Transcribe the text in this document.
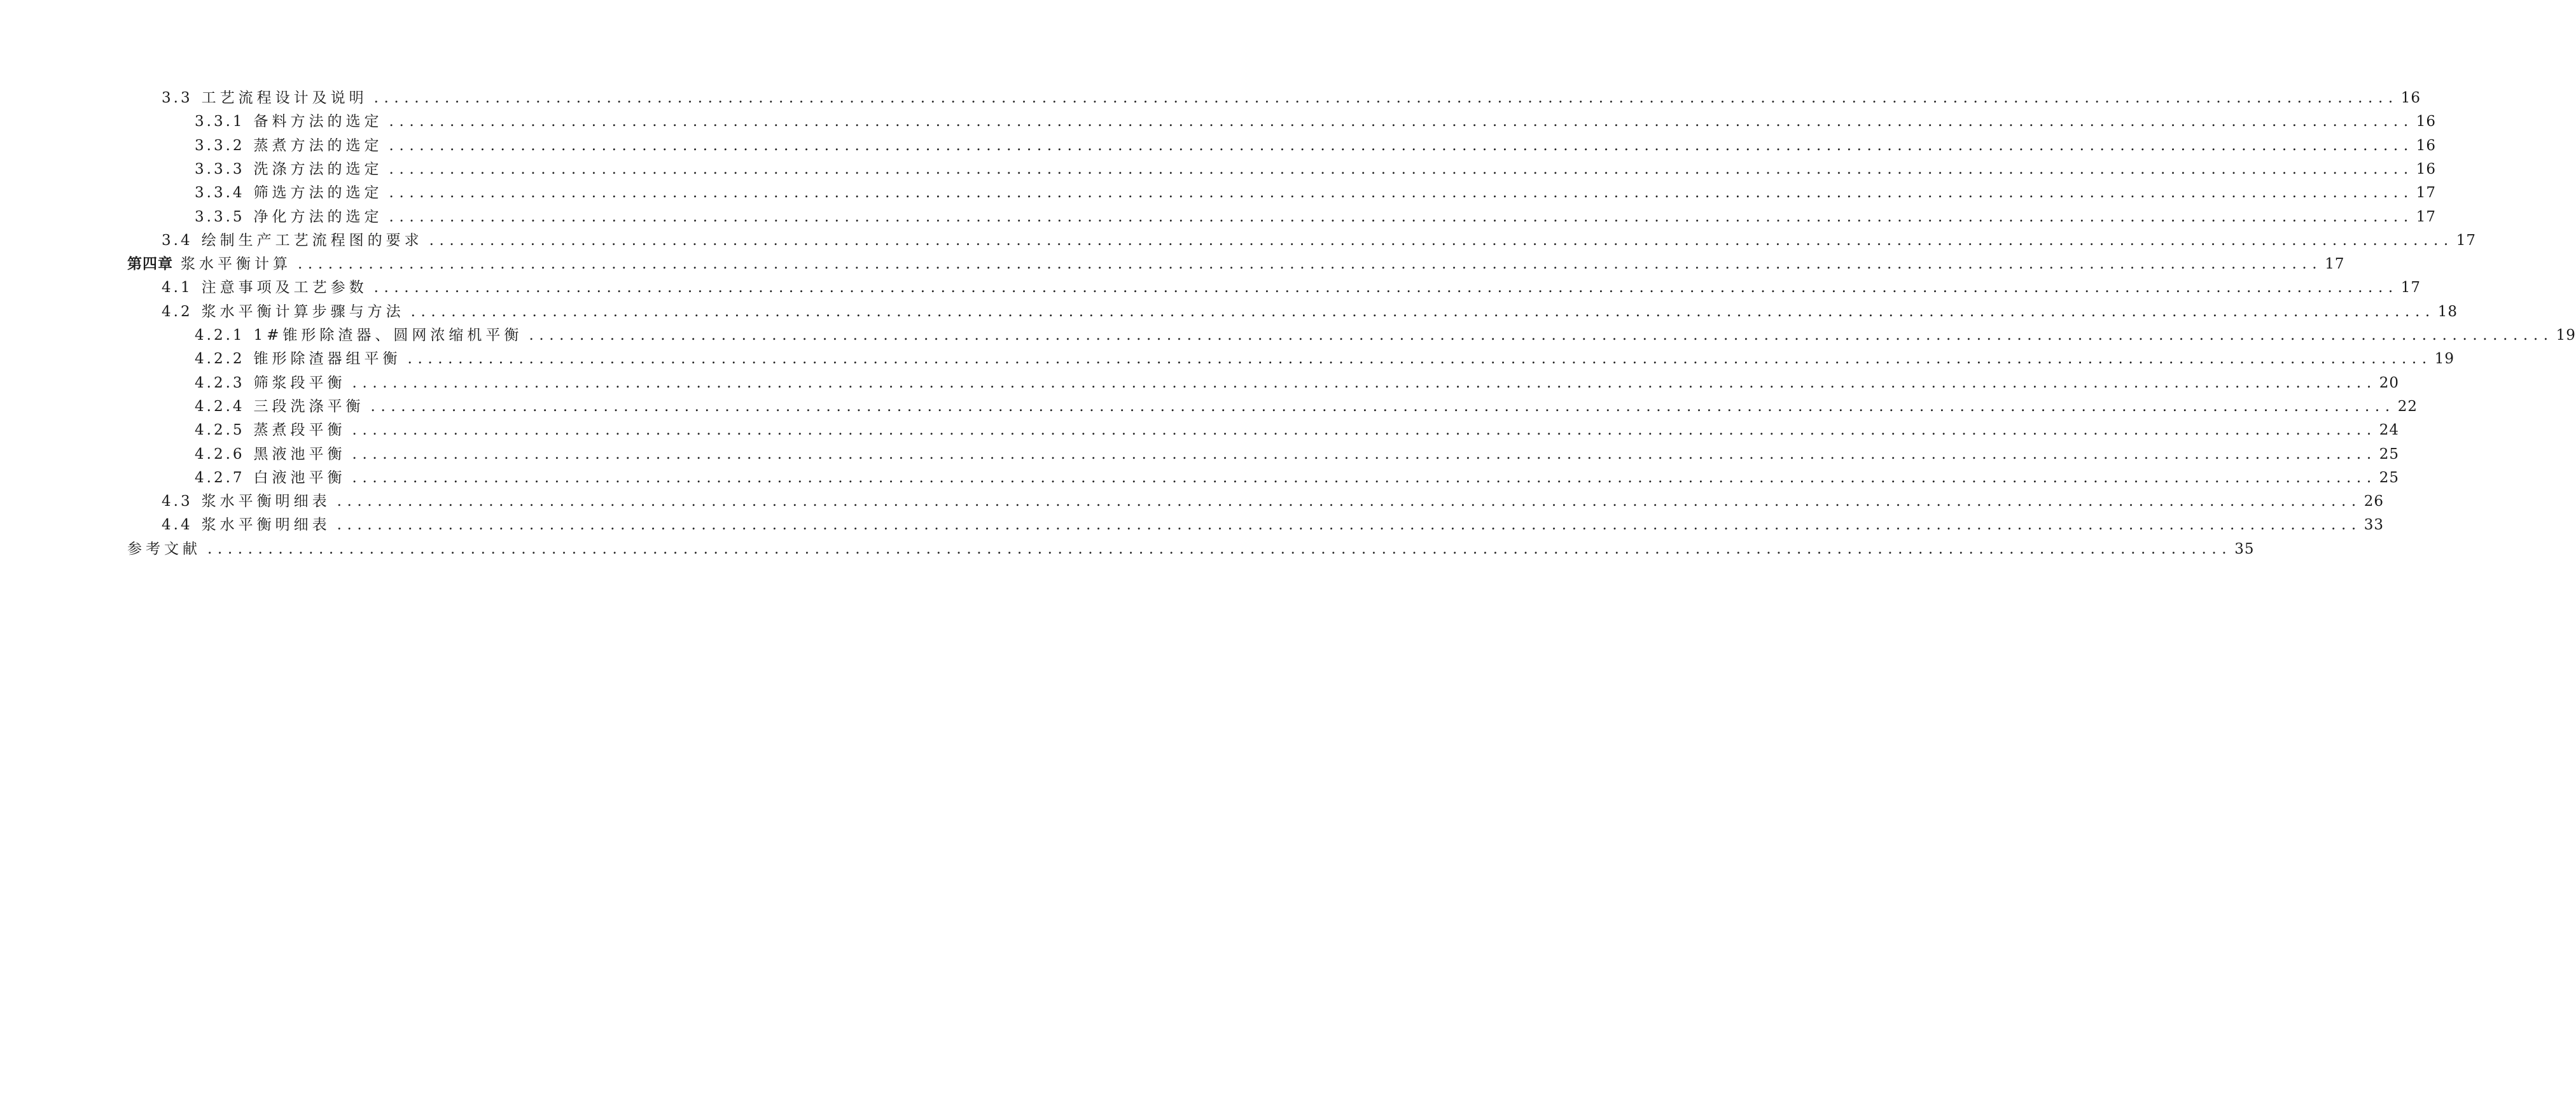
3.3 工艺流程设计及说明 ........................................................................................................................................................................................................ 16
3.3.1 备料方法的选定 ........................................................................................................................................................................................................ 16
3.3.2 蒸煮方法的选定 ........................................................................................................................................................................................................ 16
3.3.3 洗涤方法的选定 ........................................................................................................................................................................................................ 16
3.3.4 筛选方法的选定 ........................................................................................................................................................................................................ 17
3.3.5 净化方法的选定 ........................................................................................................................................................................................................ 17
3.4 绘制生产工艺流程图的要求 ........................................................................................................................................................................................................ 17
第四章 浆水平衡计算 ........................................................................................................................................................................................................ 17
4.1 注意事项及工艺参数 ........................................................................................................................................................................................................ 17
4.2 浆水平衡计算步骤与方法 ........................................................................................................................................................................................................ 18
4.2.1 1#锥形除渣器、圆网浓缩机平衡 ........................................................................................................................................................................................................ 19
4.2.2 锥形除渣器组平衡 ........................................................................................................................................................................................................ 19
4.2.3 筛浆段平衡 ........................................................................................................................................................................................................ 20
4.2.4 三段洗涤平衡 ........................................................................................................................................................................................................ 22
4.2.5 蒸煮段平衡 ........................................................................................................................................................................................................ 24
4.2.6 黑液池平衡 ........................................................................................................................................................................................................ 25
4.2.7 白液池平衡 ........................................................................................................................................................................................................ 25
4.3 浆水平衡明细表 ........................................................................................................................................................................................................ 26
4.4 浆水平衡明细表 ........................................................................................................................................................................................................ 33
参考文献 ........................................................................................................................................................................................................ 35
